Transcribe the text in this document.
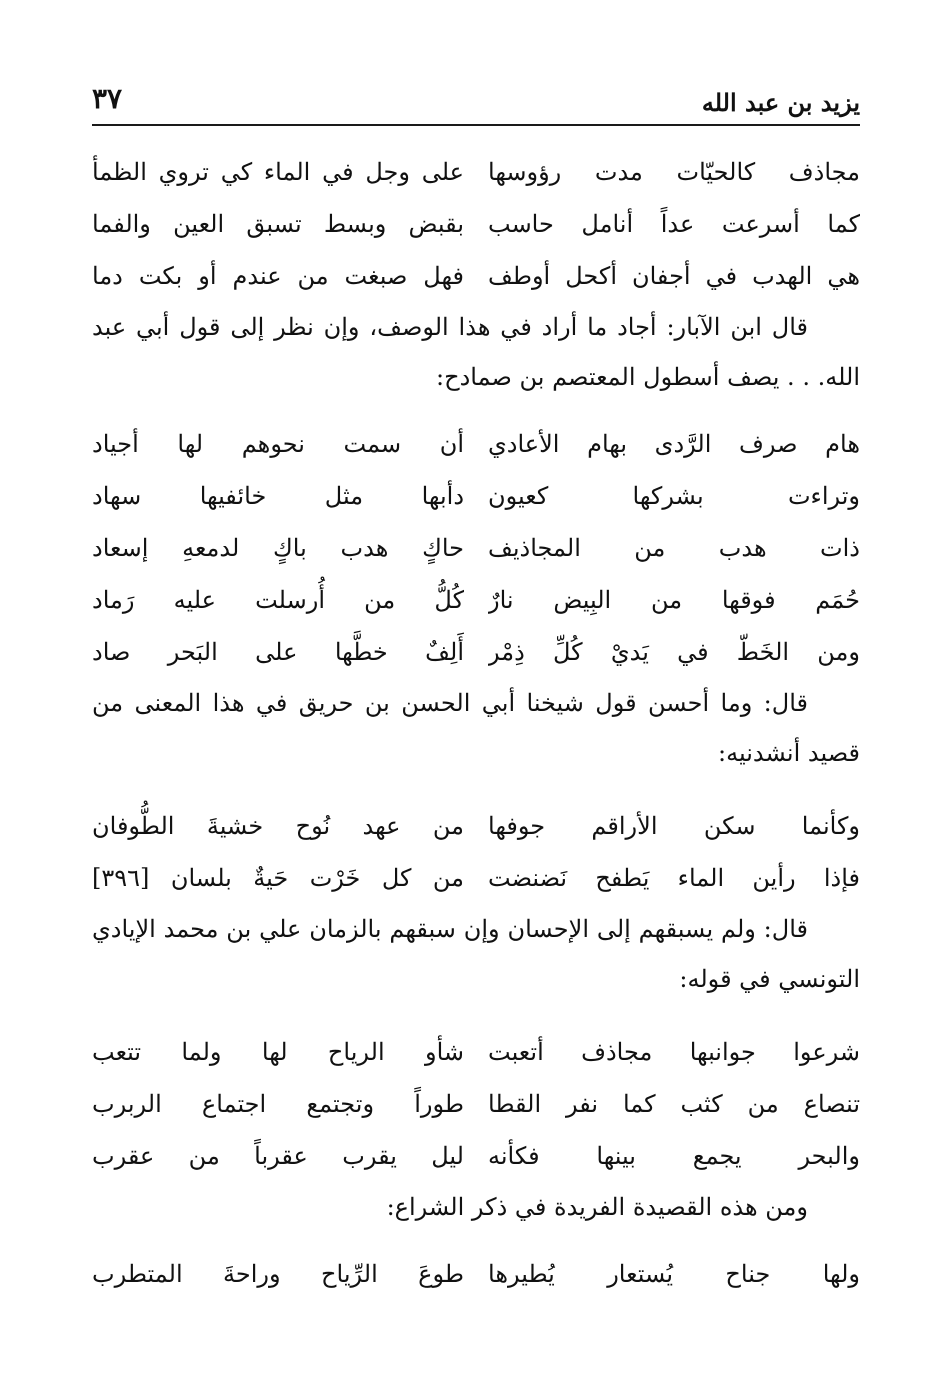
يزيد بن عبد الله
٣٧
مجاذف كالحيّات مدت رؤوسها
على وجل في الماء كي تروي الظمأ
كما أسرعت عداً أنامل حاسب
بقبض وبسط تسبق العين والفما
هي الهدب في أجفان أكحل أوطف
فهل صبغت من عندم أو بكت دما

قال ابن الآبار: أجاد ما أراد في هذا الوصف، وإن نظر إلى قول أبي عبد الله. . . يصف أسطول المعتصم بن صمادح:

هام صرف الرَّدى بهام الأعادي
أن سمت نحوهم لها أجياد
وتراءت بشركها كعيون
دأبها مثل خائفيها سهاد
ذات هدب من المجاذيف
حاكٍ هدب باكٍ لدمعهِ إسعاد
حُمَم فوقها من البِيض نارٌ
كُلُّ من أُرسلت عليه رَماد
ومن الخَطّ في يَديْ كُلِّ ذِمْر
أَلِفٌ خطَّها على البَحر صاد

قال: وما أحسن قول شيخنا أبي الحسن بن حريق في هذا المعنى من قصيد أنشدنيه:

وكأنما سكن الأراقم جوفها
من عهد نُوح خشيةَ الطُّوفان
فإذا رأين الماء يَطفح نَضنضت
من كل خَرْت حَيةٌ بلسان [٣٩٦]

قال: ولم يسبقهم إلى الإحسان وإن سبقهم بالزمان علي بن محمد الإيادي التونسي في قوله:

شرعوا جوانبها مجاذف أتعبت
شأو الرياح لها ولما تتعب
تنصاع من كثب كما نفر القطا
طوراً وتجتمع اجتماع الربرب
والبحر يجمع بينها فكأنه
ليل يقرب عقرباً من عقرب

ومن هذه القصيدة الفريدة في ذكر الشراع:

ولها جناح يُستعار يُطيرها
طوعَ الرِّياح وراحةَ المتطرب
